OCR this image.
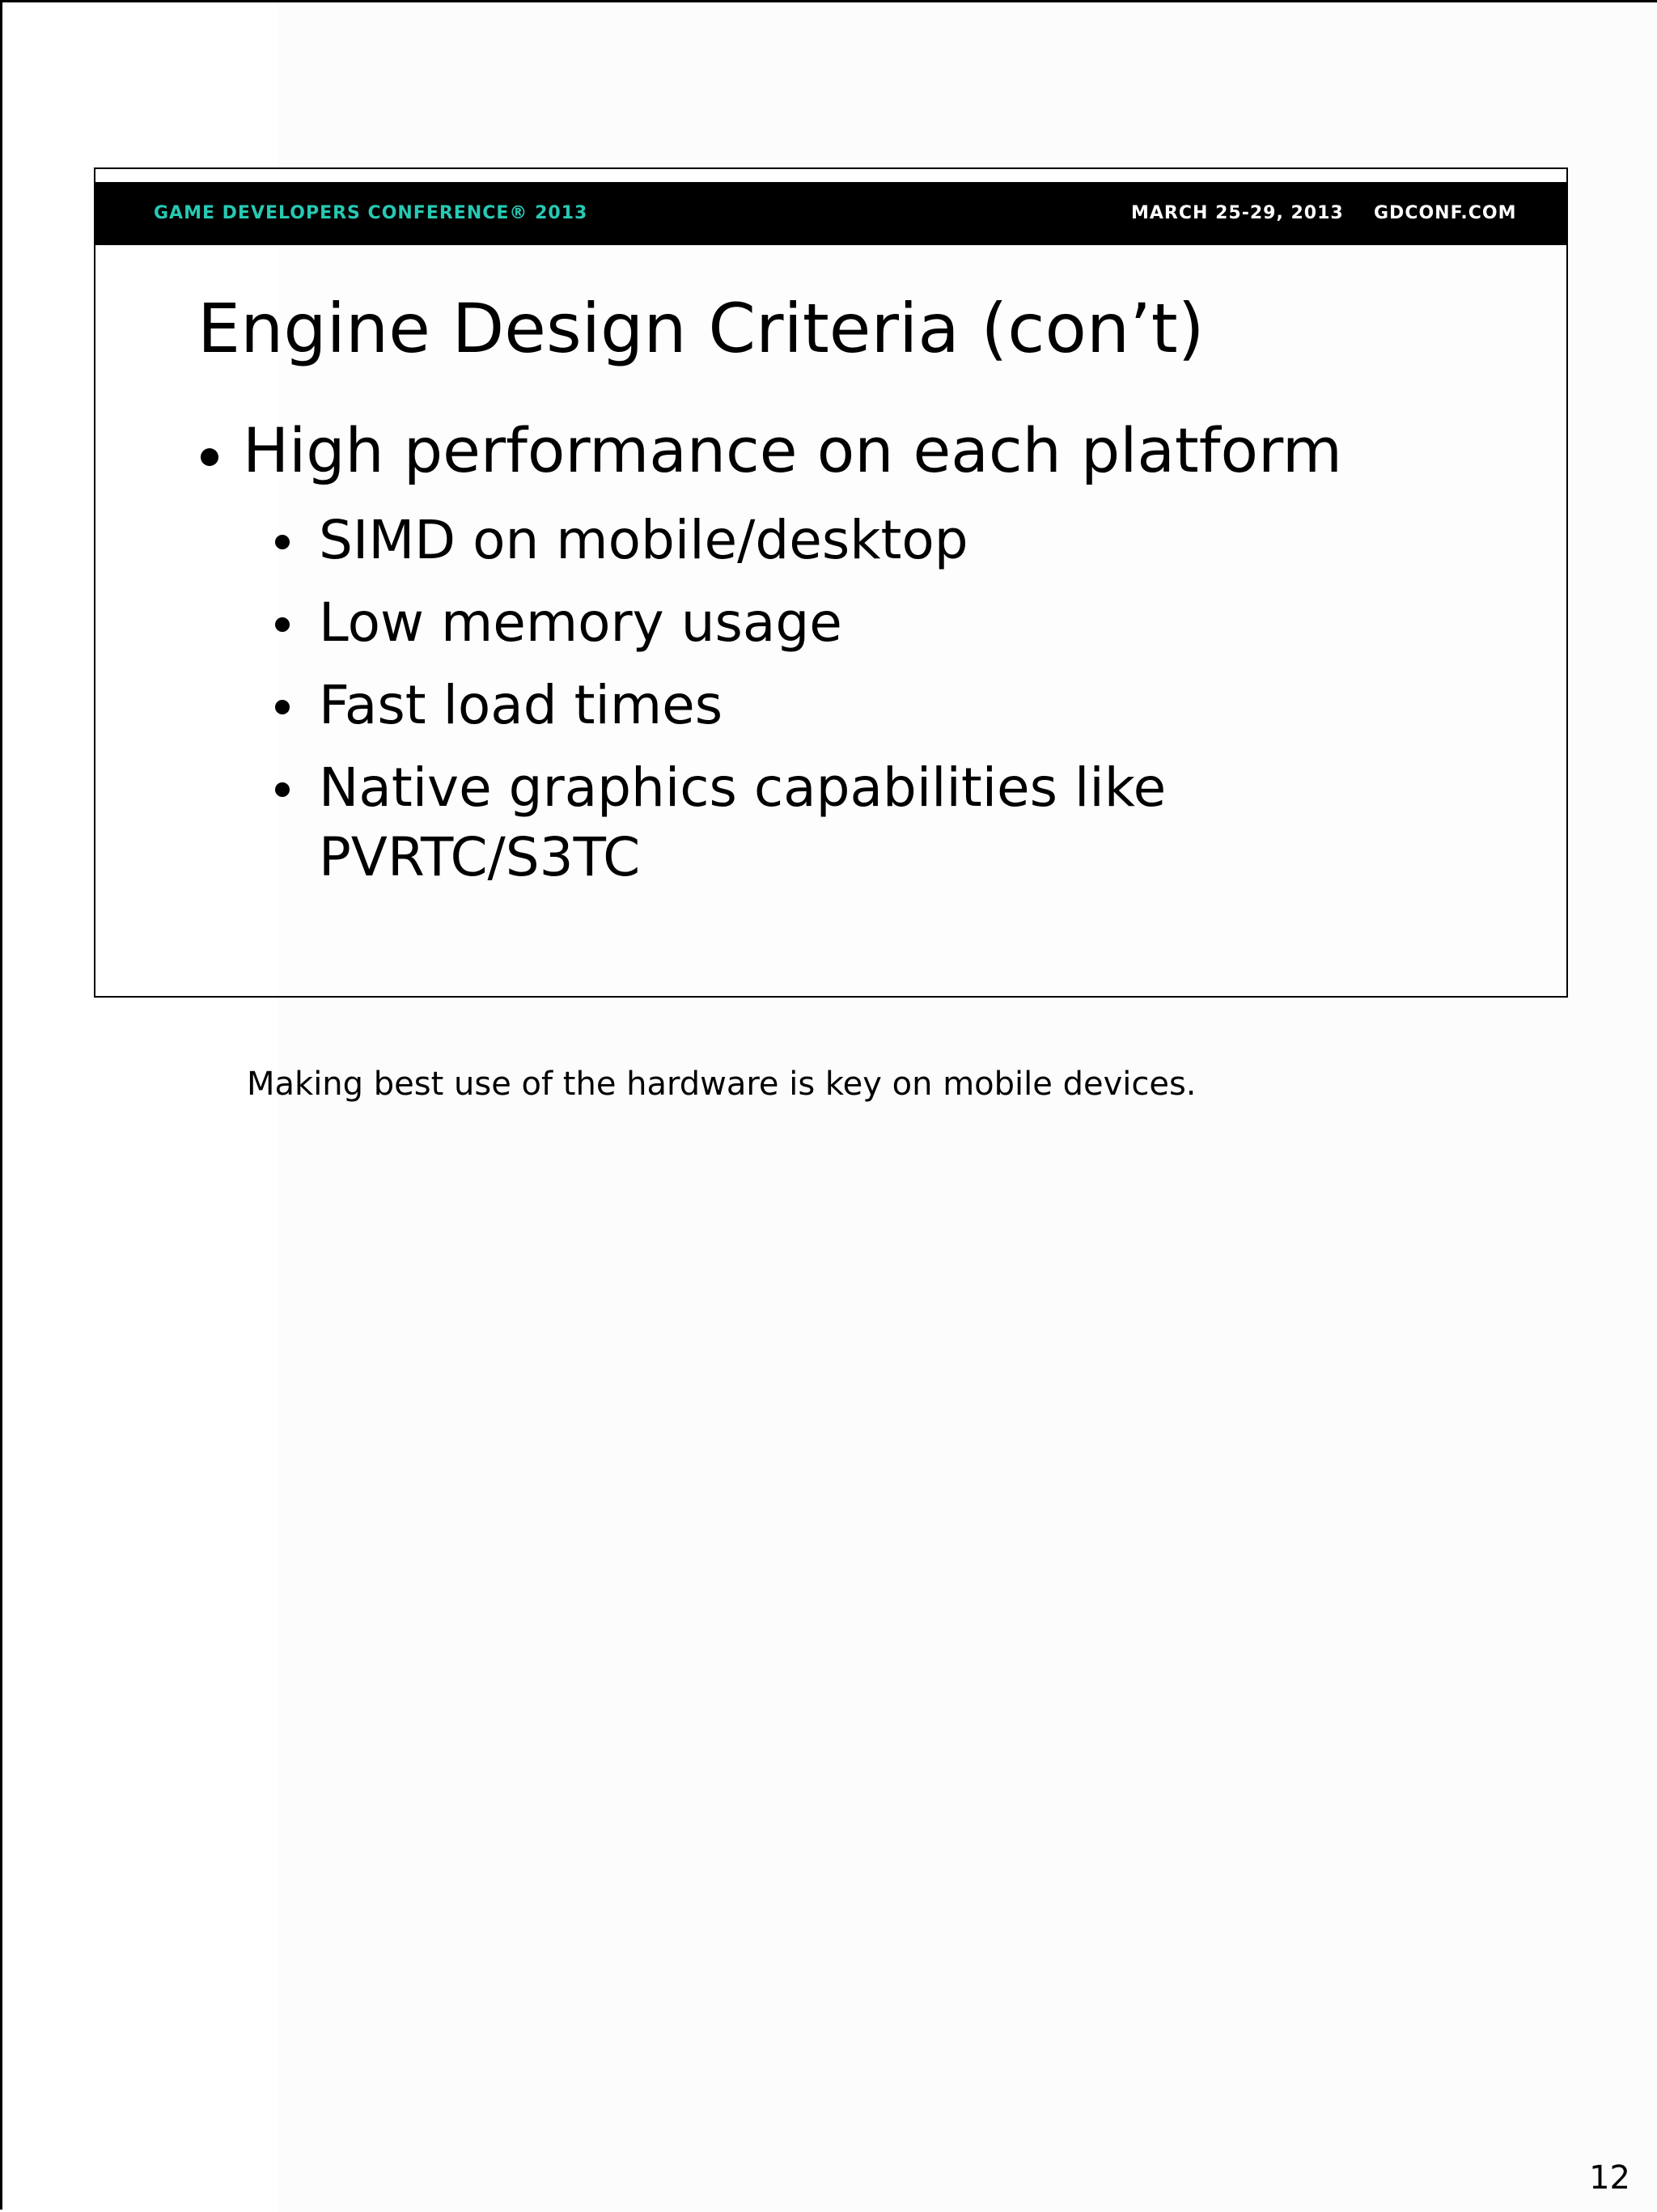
GAME DEVELOPERS CONFERENCE® 2013	MARCH 25-29, 2013 GDCONF.COM
Engine Design Criteria (con’t)
High performance on each platform
SIMD on mobile/desktop
Low memory usage
Fast load times
Native graphics capabilities like PVRTC/S3TC
Making best use of the hardware is key on mobile devices.
12
